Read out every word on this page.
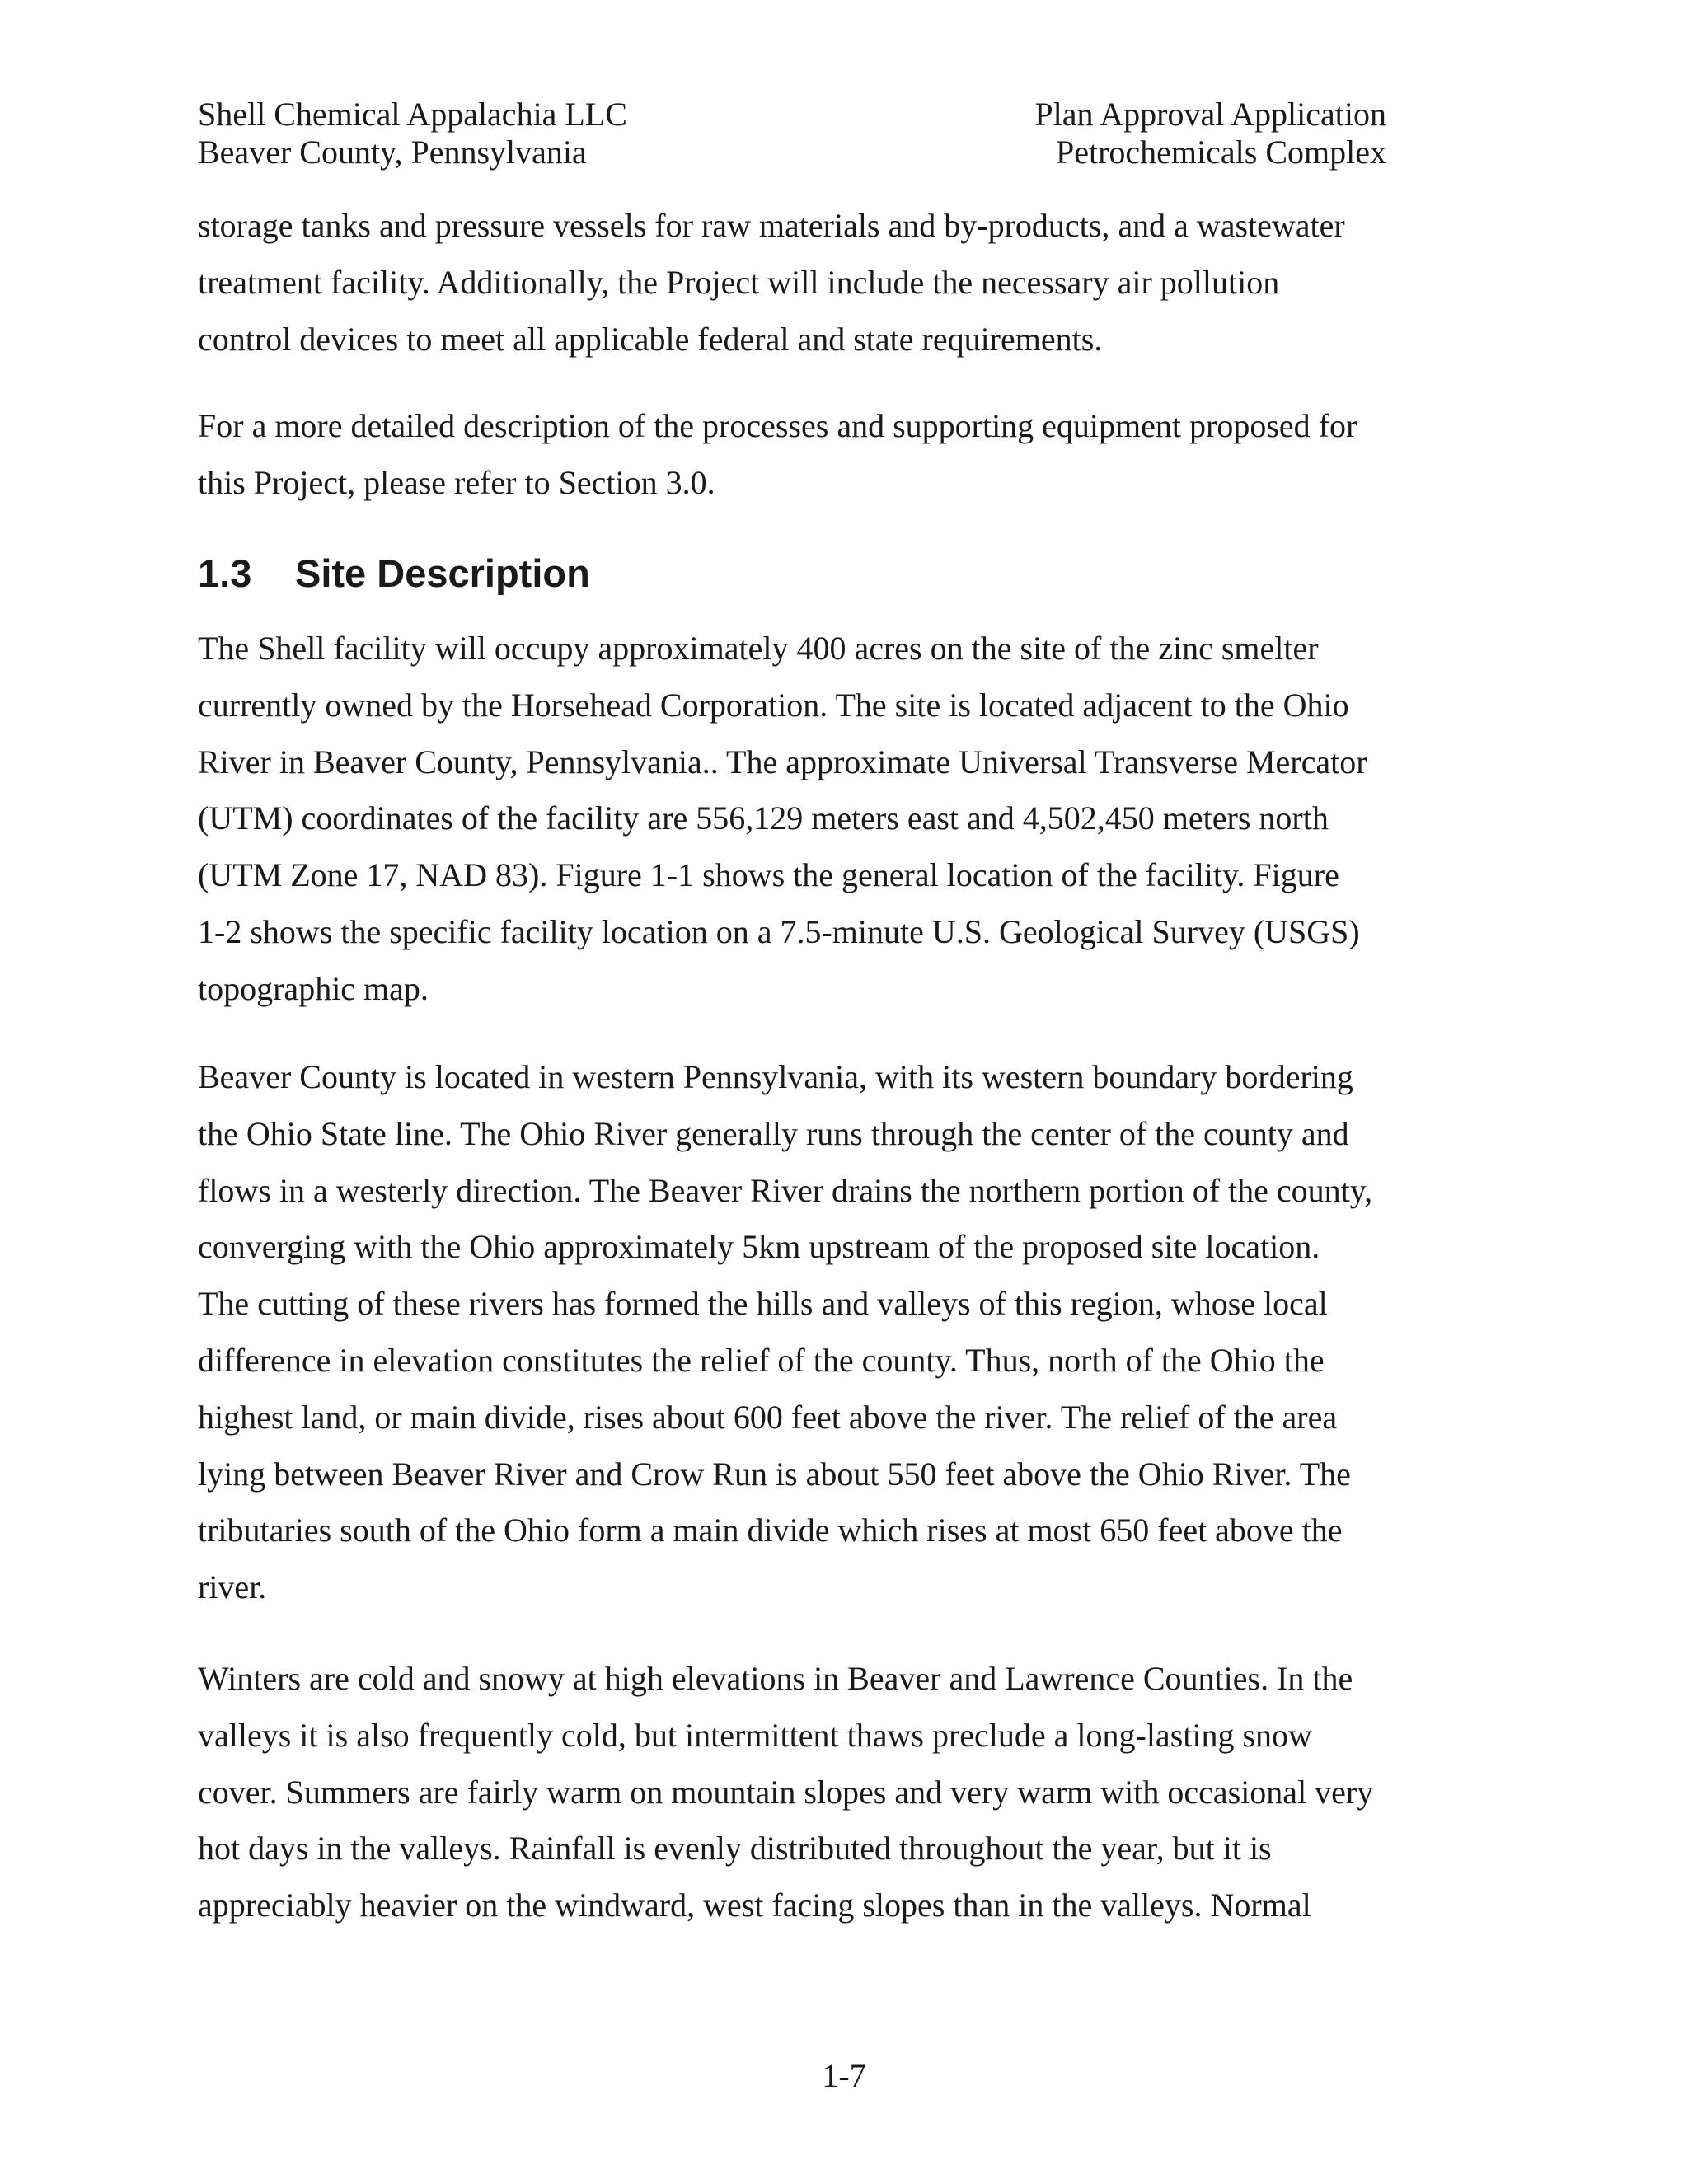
Shell Chemical Appalachia LLC	Plan Approval Application
Beaver County, Pennsylvania	Petrochemicals Complex

storage tanks and pressure vessels for raw materials and by-products, and a wastewater
treatment facility. Additionally, the Project will include the necessary air pollution
control devices to meet all applicable federal and state requirements.

For a more detailed description of the processes and supporting equipment proposed for
this Project, please refer to Section 3.0.

1.3 Site Description

The Shell facility will occupy approximately 400 acres on the site of the zinc smelter
currently owned by the Horsehead Corporation. The site is located adjacent to the Ohio
River in Beaver County, Pennsylvania.. The approximate Universal Transverse Mercator
(UTM) coordinates of the facility are 556,129 meters east and 4,502,450 meters north
(UTM Zone 17, NAD 83). Figure 1-1 shows the general location of the facility. Figure
1-2 shows the specific facility location on a 7.5-minute U.S. Geological Survey (USGS)
topographic map.

Beaver County is located in western Pennsylvania, with its western boundary bordering
the Ohio State line. The Ohio River generally runs through the center of the county and
flows in a westerly direction. The Beaver River drains the northern portion of the county,
converging with the Ohio approximately 5km upstream of the proposed site location.
The cutting of these rivers has formed the hills and valleys of this region, whose local
difference in elevation constitutes the relief of the county. Thus, north of the Ohio the
highest land, or main divide, rises about 600 feet above the river. The relief of the area
lying between Beaver River and Crow Run is about 550 feet above the Ohio River. The
tributaries south of the Ohio form a main divide which rises at most 650 feet above the
river.

Winters are cold and snowy at high elevations in Beaver and Lawrence Counties. In the
valleys it is also frequently cold, but intermittent thaws preclude a long-lasting snow
cover. Summers are fairly warm on mountain slopes and very warm with occasional very
hot days in the valleys. Rainfall is evenly distributed throughout the year, but it is
appreciably heavier on the windward, west facing slopes than in the valleys. Normal

1-7
